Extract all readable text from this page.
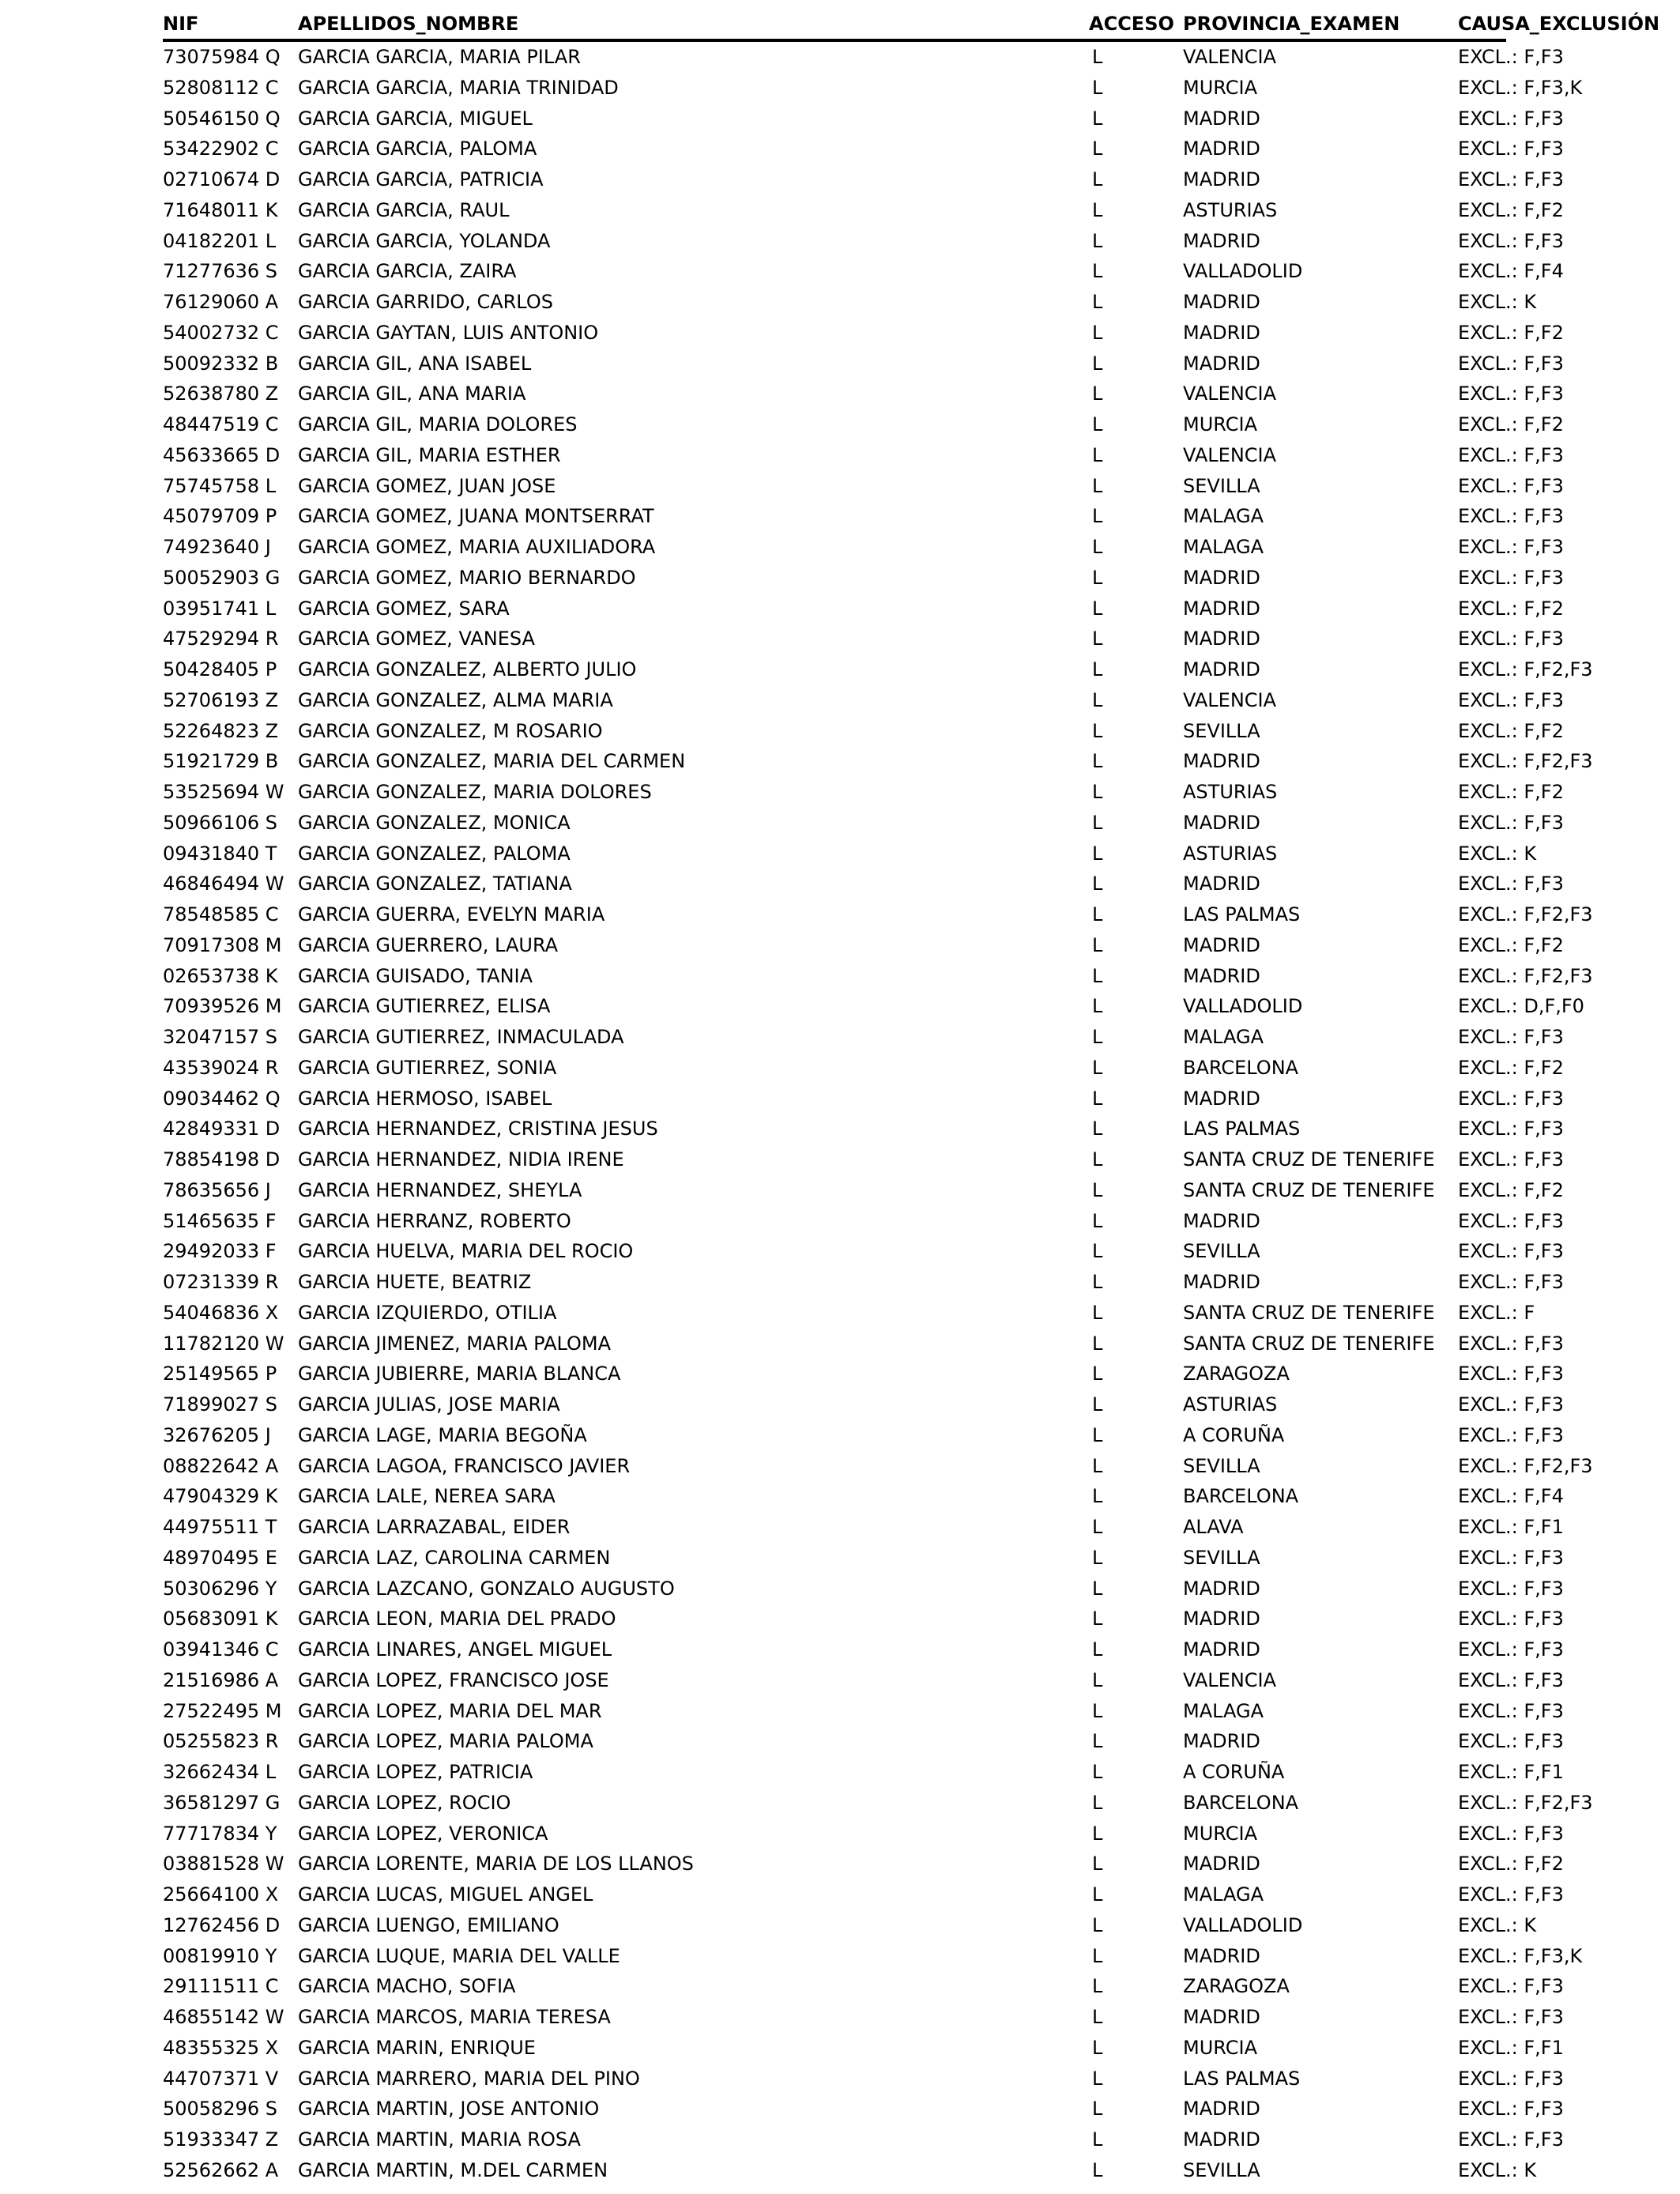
NIF	APELLIDOS_NOMBRE	ACCESO PROVINCIA_EXAMEN	CAUSA_EXCLUSIÓN
73075984 Q GARCIA GARCIA, MARIA PILAR	L	VALENCIA	EXCL.: F,F3
52808112 C GARCIA GARCIA, MARIA TRINIDAD	L	MURCIA	EXCL.: F,F3,K
50546150 Q GARCIA GARCIA, MIGUEL	L	MADRID	EXCL.: F,F3
53422902 C GARCIA GARCIA, PALOMA	L	MADRID	EXCL.: F,F3
02710674 D GARCIA GARCIA, PATRICIA	L	MADRID	EXCL.: F,F3
71648011 K GARCIA GARCIA, RAUL	L	ASTURIAS	EXCL.: F,F2
04182201 L GARCIA GARCIA, YOLANDA	L	MADRID	EXCL.: F,F3
71277636 S GARCIA GARCIA, ZAIRA	L	VALLADOLID	EXCL.: F,F4
76129060 A GARCIA GARRIDO, CARLOS	L	MADRID	EXCL.: K
54002732 C GARCIA GAYTAN, LUIS ANTONIO	L	MADRID	EXCL.: F,F2
50092332 B GARCIA GIL, ANA ISABEL	L	MADRID	EXCL.: F,F3
52638780 Z GARCIA GIL, ANA MARIA	L	VALENCIA	EXCL.: F,F3
48447519 C GARCIA GIL, MARIA DOLORES	L	MURCIA	EXCL.: F,F2
45633665 D GARCIA GIL, MARIA ESTHER	L	VALENCIA	EXCL.: F,F3
75745758 L GARCIA GOMEZ, JUAN JOSE	L	SEVILLA	EXCL.: F,F3
45079709 P GARCIA GOMEZ, JUANA MONTSERRAT	L	MALAGA	EXCL.: F,F3
74923640 J GARCIA GOMEZ, MARIA AUXILIADORA	L	MALAGA	EXCL.: F,F3
50052903 G GARCIA GOMEZ, MARIO BERNARDO	L	MADRID	EXCL.: F,F3
03951741 L GARCIA GOMEZ, SARA	L	MADRID	EXCL.: F,F2
47529294 R GARCIA GOMEZ, VANESA	L	MADRID	EXCL.: F,F3
50428405 P GARCIA GONZALEZ, ALBERTO JULIO	L	MADRID	EXCL.: F,F2,F3
52706193 Z GARCIA GONZALEZ, ALMA MARIA	L	VALENCIA	EXCL.: F,F3
52264823 Z GARCIA GONZALEZ, M ROSARIO	L	SEVILLA	EXCL.: F,F2
51921729 B GARCIA GONZALEZ, MARIA DEL CARMEN	L	MADRID	EXCL.: F,F2,F3
53525694 W GARCIA GONZALEZ, MARIA DOLORES	L	ASTURIAS	EXCL.: F,F2
50966106 S GARCIA GONZALEZ, MONICA	L	MADRID	EXCL.: F,F3
09431840 T GARCIA GONZALEZ, PALOMA	L	ASTURIAS	EXCL.: K
46846494 W GARCIA GONZALEZ, TATIANA	L	MADRID	EXCL.: F,F3
78548585 C GARCIA GUERRA, EVELYN MARIA	L	LAS PALMAS	EXCL.: F,F2,F3
70917308 M GARCIA GUERRERO, LAURA	L	MADRID	EXCL.: F,F2
02653738 K GARCIA GUISADO, TANIA	L	MADRID	EXCL.: F,F2,F3
70939526 M GARCIA GUTIERREZ, ELISA	L	VALLADOLID	EXCL.: D,F,F0
32047157 S GARCIA GUTIERREZ, INMACULADA	L	MALAGA	EXCL.: F,F3
43539024 R GARCIA GUTIERREZ, SONIA	L	BARCELONA	EXCL.: F,F2
09034462 Q GARCIA HERMOSO, ISABEL	L	MADRID	EXCL.: F,F3
42849331 D GARCIA HERNANDEZ, CRISTINA JESUS	L	LAS PALMAS	EXCL.: F,F3
78854198 D GARCIA HERNANDEZ, NIDIA IRENE	L	SANTA CRUZ DE TENERIFE EXCL.: F,F3
78635656 J GARCIA HERNANDEZ, SHEYLA	L	SANTA CRUZ DE TENERIFE EXCL.: F,F2
51465635 F GARCIA HERRANZ, ROBERTO	L	MADRID	EXCL.: F,F3
29492033 F GARCIA HUELVA, MARIA DEL ROCIO	L	SEVILLA	EXCL.: F,F3
07231339 R GARCIA HUETE, BEATRIZ	L	MADRID	EXCL.: F,F3
54046836 X GARCIA IZQUIERDO, OTILIA	L	SANTA CRUZ DE TENERIFE EXCL.: F
11782120 W GARCIA JIMENEZ, MARIA PALOMA	L	SANTA CRUZ DE TENERIFE EXCL.: F,F3
25149565 P GARCIA JUBIERRE, MARIA BLANCA	L	ZARAGOZA	EXCL.: F,F3
71899027 S GARCIA JULIAS, JOSE MARIA	L	ASTURIAS	EXCL.: F,F3
32676205 J GARCIA LAGE, MARIA BEGOÑA	L	A CORUÑA	EXCL.: F,F3
08822642 A GARCIA LAGOA, FRANCISCO JAVIER	L	SEVILLA	EXCL.: F,F2,F3
47904329 K GARCIA LALE, NEREA SARA	L	BARCELONA	EXCL.: F,F4
44975511 T GARCIA LARRAZABAL, EIDER	L	ALAVA	EXCL.: F,F1
48970495 E GARCIA LAZ, CAROLINA CARMEN	L	SEVILLA	EXCL.: F,F3
50306296 Y GARCIA LAZCANO, GONZALO AUGUSTO	L	MADRID	EXCL.: F,F3
05683091 K GARCIA LEON, MARIA DEL PRADO	L	MADRID	EXCL.: F,F3
03941346 C GARCIA LINARES, ANGEL MIGUEL	L	MADRID	EXCL.: F,F3
21516986 A GARCIA LOPEZ, FRANCISCO JOSE	L	VALENCIA	EXCL.: F,F3
27522495 M GARCIA LOPEZ, MARIA DEL MAR	L	MALAGA	EXCL.: F,F3
05255823 R GARCIA LOPEZ, MARIA PALOMA	L	MADRID	EXCL.: F,F3
32662434 L GARCIA LOPEZ, PATRICIA	L	A CORUÑA	EXCL.: F,F1
36581297 G GARCIA LOPEZ, ROCIO	L	BARCELONA	EXCL.: F,F2,F3
77717834 Y GARCIA LOPEZ, VERONICA	L	MURCIA	EXCL.: F,F3
03881528 W GARCIA LORENTE, MARIA DE LOS LLANOS	L	MADRID	EXCL.: F,F2
25664100 X GARCIA LUCAS, MIGUEL ANGEL	L	MALAGA	EXCL.: F,F3
12762456 D GARCIA LUENGO, EMILIANO	L	VALLADOLID	EXCL.: K
00819910 Y GARCIA LUQUE, MARIA DEL VALLE	L	MADRID	EXCL.: F,F3,K
29111511 C GARCIA MACHO, SOFIA	L	ZARAGOZA	EXCL.: F,F3
46855142 W GARCIA MARCOS, MARIA TERESA	L	MADRID	EXCL.: F,F3
48355325 X GARCIA MARIN, ENRIQUE	L	MURCIA	EXCL.: F,F1
44707371 V GARCIA MARRERO, MARIA DEL PINO	L	LAS PALMAS	EXCL.: F,F3
50058296 S GARCIA MARTIN, JOSE ANTONIO	L	MADRID	EXCL.: F,F3
51933347 Z GARCIA MARTIN, MARIA ROSA	L	MADRID	EXCL.: F,F3
52562662 A GARCIA MARTIN, M.DEL CARMEN	L	SEVILLA	EXCL.: K
